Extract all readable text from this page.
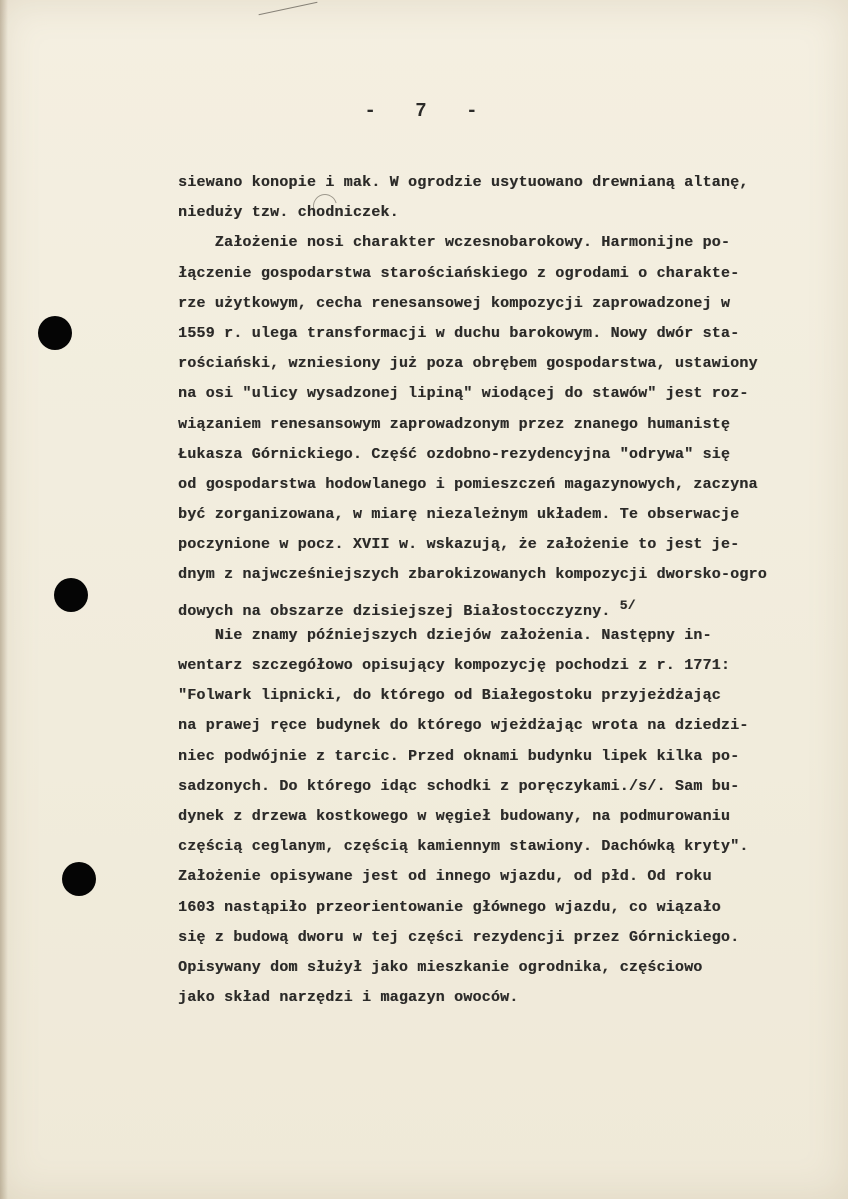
- 7 -
siewano konopie i mak. W ogrodzie usytuowano drewnianą altanę,
nieduży tzw. chodniczek.
Założenie nosi charakter wczesnobarokowy. Harmonijne po-
łączenie gospodarstwa starościańskiego z ogrodami o charakte-
rze użytkowym, cecha renesansowej kompozycji zaprowadzonej w
1559 r. ulega transformacji w duchu barokowym. Nowy dwór sta-
rościański, wzniesiony już poza obrębem gospodarstwa, ustawiony
na osi "ulicy wysadzonej lipiną" wiodącej do stawów" jest roz-
wiązaniem renesansowym zaprowadzonym przez znanego humanistę
Łukasza Górnickiego. Część ozdobno-rezydencyjna "odrywa" się
od gospodarstwa hodowlanego i pomieszczeń magazynowych, zaczyna
być zorganizowana, w miarę niezależnym układem. Te obserwacje
poczynione w pocz. XVII w. wskazują, że założenie to jest je-
dnym z najwcześniejszych zbarokizowanych kompozycji dworsko-ogro
dowych na obszarze dzisiejszej Białostocczyzny. 5/
Nie znamy późniejszych dziejów założenia. Następny in-
wentarz szczegółowo opisujący kompozycję pochodzi z r. 1771:
"Folwark lipnicki, do którego od Białegostoku przyjeżdżając
na prawej ręce budynek do którego wjeżdżając wrota na dziedzi-
niec podwójnie z tarcic. Przed oknami budynku lipek kilka po-
sadzonych. Do którego idąc schodki z poręczykami./s/. Sam bu-
dynek z drzewa kostkowego w węgieł budowany, na podmurowaniu
częścią ceglanym, częścią kamiennym stawiony. Dachówką kryty".
Założenie opisywane jest od innego wjazdu, od płd. Od roku
1603 nastąpiło przeorientowanie głównego wjazdu, co wiązało
się z budową dworu w tej części rezydencji przez Górnickiego.
Opisywany dom służył jako mieszkanie ogrodnika, częściowo
jako skład narzędzi i magazyn owoców.
